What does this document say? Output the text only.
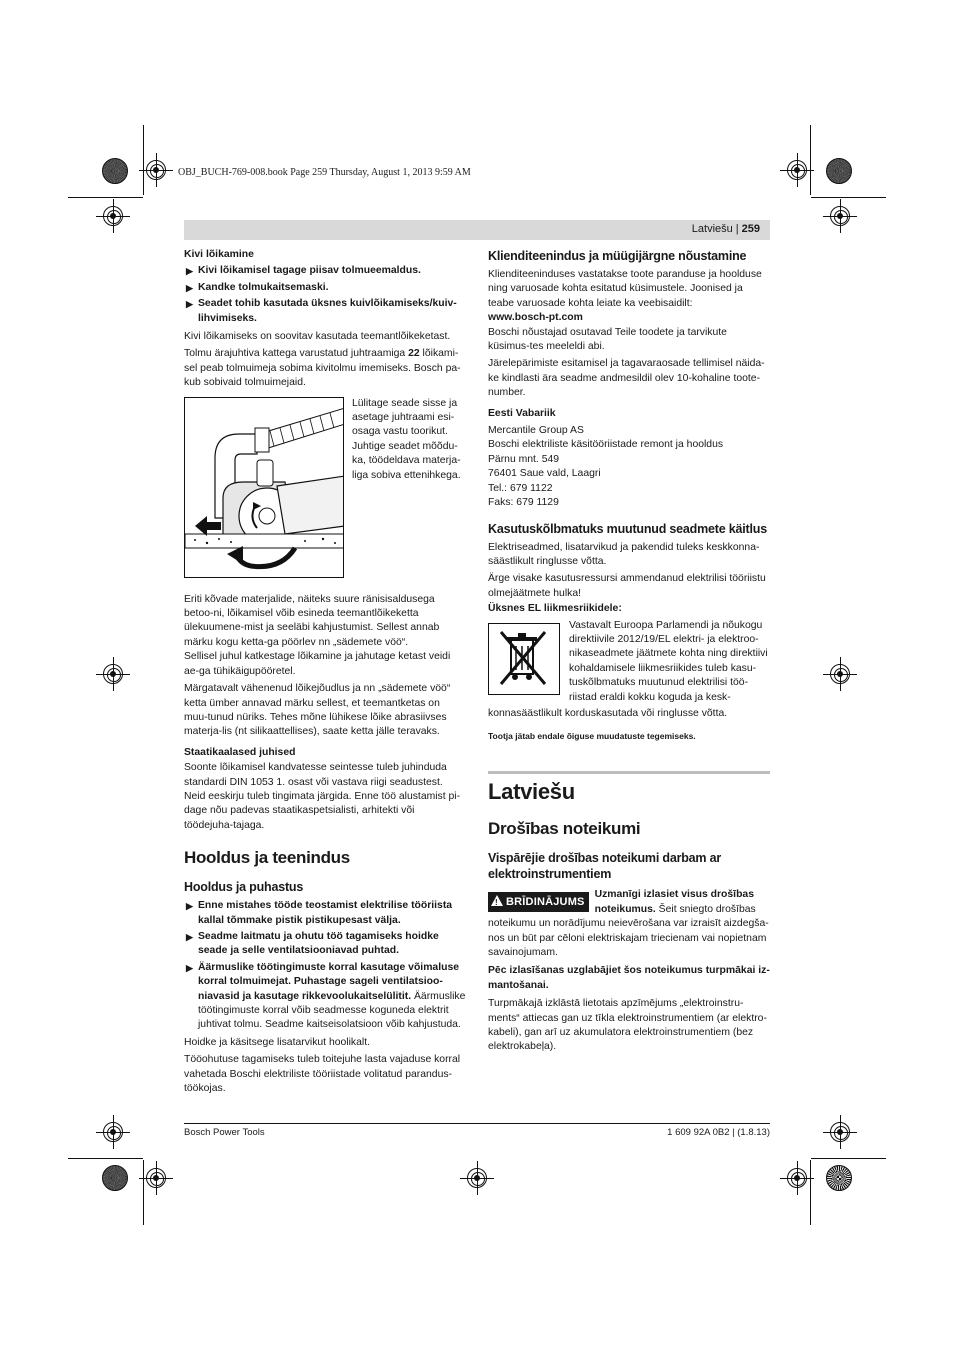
OBJ_BUCH-769-008.book Page 259 Thursday, August 1, 2013 9:59 AM
Latviešu | 259
Kivi lõikamine
▶ Kivi lõikamisel tagage piisav tolmueemaldus.
▶ Kandke tolmukaitsemaski.
▶ Seadet tohib kasutada üksnes kuivlõikamiseks/kuiv-lihvimiseks.

Kivi lõikamiseks on soovitav kasutada teemantlõikeketast.

Tolmu ärajuhtiva kattega varustatud juhtraamiga 22 lõikami-sel peab tolmuimeja sobima kivitolmu imemiseks. Bosch pa-kub sobivaid tolmuimejaid.

Lülitage seade sisse ja asetage juhtraami esi-osaga vastu toorikut. Juhtige seadet mõõdu-ka, töödeldava materja-liga sobiva ettenihkega.

Eriti kõvade materjalide, näiteks suure ränisisaldusega betoo-ni, lõikamisel võib esineda teemantlõikeketta ülekuumene-mist ja seeläbi kahjustumist. Sellest annab märku kogu ketta-ga pöörlev nn „sädemete vöö“.

Sellisel juhul katkestage lõikamine ja jahutage ketast veidi ae-ga tühikäigupööretel.

Märgatavalt vähenenud lõikejõudlus ja nn „sädemete vöö“ ketta ümber annavad märku sellest, et teemantketas on muu-tunud nüriks. Tehes mõne lühikese lõike abrasiivses materja-lis (nt silikaattellises), saate ketta jälle teravaks.

Staatikaalased juhised

Soonte lõikamisel kandvatesse seintesse tuleb juhinduda standardi DIN 1053 1. osast või vastava riigi seadustest. Neid eeskirju tuleb tingimata järgida. Enne töö alustamist pi-dage nõu padevas staatikaspetsialisti, arhitekti või töödejuha-tajaga.

Hooldus ja teenindus
Hooldus ja puhastus
▶ Enne mistahes tööde teostamist elektrilise tööriista kallal tõmmake pistik pistikupesast välja.
▶ Seadme laitmatu ja ohutu töö tagamiseks hoidke seade ja selle ventilatsiooniavad puhtad.
▶ Äärmuslike töötingimuste korral kasutage võimaluse korral tolmuimejat. Puhastage sageli ventilatsioo-niavasid ja kasutage rikkevoolukaitselülitit. Äärmuslike töötingimuste korral võib seadmesse koguneda elektrit juhtivat tolmu. Seadme kaitseisolatsioon võib kahjustuda.

Hoidke ja käsitsege lisatarvikut hoolikalt.

Tööohutuse tagamiseks tuleb toitejuhe lasta vajaduse korral vahetada Boschi elektriliste tööriistade volitatud parandus-töökojas.

Klienditeenindus ja müügijärgne nõustamine

Klienditeeninduses vastatakse toote paranduse ja hoolduse ning varuosade kohta esitatud küsimustele. Joonised ja teabe varuosade kohta leiate ka veebisaidilt:

www.bosch-pt.com

Boschi nõustajad osutavad Teile toodete ja tarvikute küsimus-tes meeleldi abi.

Järelepärimiste esitamisel ja tagavaraosade tellimisel näida-ke kindlasti ära seadme andmesildil olev 10-kohaline toote-number.

Eesti Vabariik
Mercantile Group AS
Boschi elektriliste käsitööriistade remont ja hooldus
Pärnu mnt. 549
76401 Saue vald, Laagri
Tel.: 679 1122
Faks: 679 1129
Kasutuskõlbmatuks muutunud seadmete käitlus

Elektriseadmed, lisatarvikud ja pakendid tuleks keskkonna-säästlikult ringlusse võtta.

Ärge visake kasutusressursi ammendanud elektrilisi tööriistu olmejäätmete hulka!

Üksnes EL liikmesriikidele:
Vastavalt Euroopa Parlamendi ja nõukogu direktiivile 2012/19/EL elektri- ja elektroo-nikaseadmete jäätmete kohta ning direktiivi kohaldamisele liikmesriikides tuleb kasu-tuskõlbmatuks muutunud elektrilisi töö-riistad eraldi kokku koguda ja kesk-

konnasäästlikult korduskasutada või ringlusse võtta.

Tootja jätab endale õiguse muudatuste tegemiseks.

Latviešu
Drošības noteikumi
Vispārējie drošības noteikumi darbam ar elektroinstrumentiem
! BRĪDINĀJUMS
Uzmanīgi izlasiet visus drošības noteikumus. Šeit sniegto drošības noteikumu un norādījumu neievērošana var izraisīt aizdegša-nos un būt par cēloni elektriskajam triecienam vai nopietnam savainojumam.

Pēc izlasīšanas uzglabājiet šos noteikumus turpmākai iz-mantošanai.

Turpmākajā izklāstā lietotais apzīmējums „elektroinstru-ments“ attiecas gan uz tīkla elektroinstrumentiem (ar elektro-kabeli), gan arī uz akumulatora elektroinstrumentiem (bez elektrokabeļa).

Bosch Power Tools	1 609 92A 0B2 | (1.8.13)
